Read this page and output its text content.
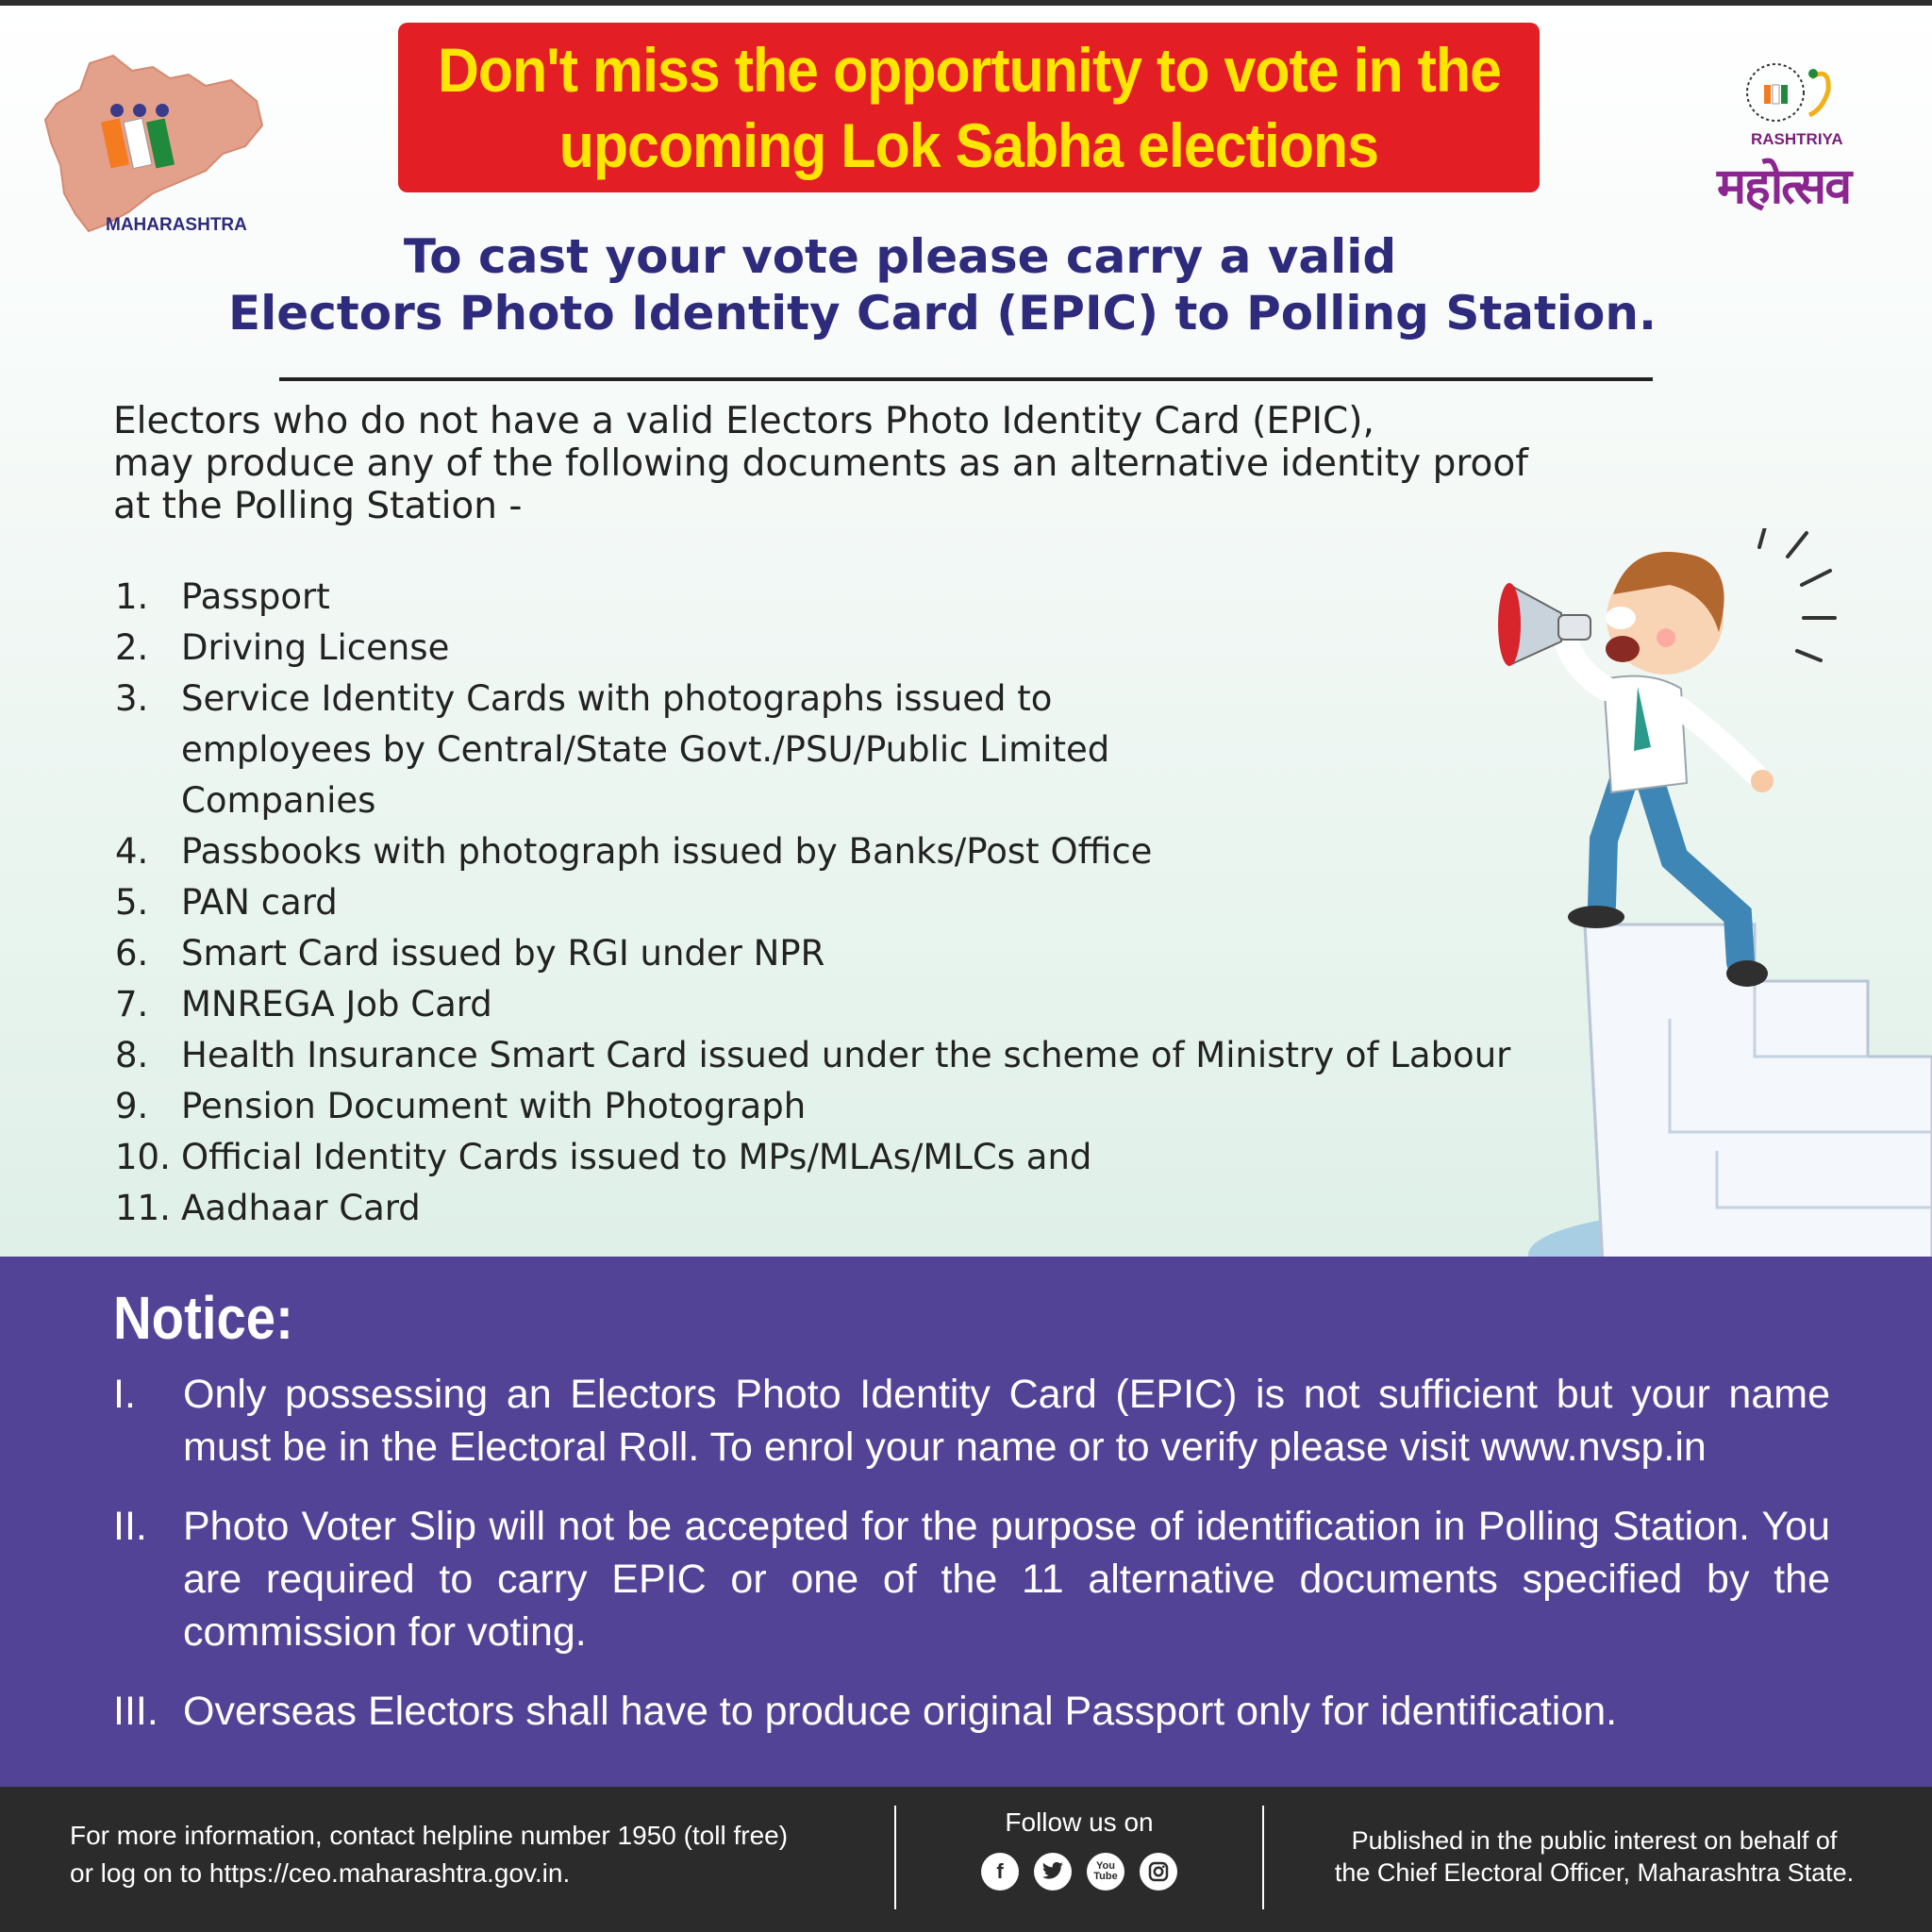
MAHARASHTRA
RASHTRIYA
महोत्सव
Don't miss the opportunity to vote in the
upcoming Lok Sabha elections
To cast your vote please carry a valid
Electors Photo Identity Card (EPIC) to Polling Station.
Electors who do not have a valid Electors Photo Identity Card (EPIC),
may produce any of the following documents as an alternative identity proof
at the Polling Station -
1. Passport
2. Driving License
3. Service Identity Cards with photographs issued to employees by Central/State Govt./PSU/Public Limited Companies
4. Passbooks with photograph issued by Banks/Post Office
5. PAN card
6. Smart Card issued by RGI under NPR
7. MNREGA Job Card
8. Health Insurance Smart Card issued under the scheme of Ministry of Labour
9. Pension Document with Photograph
10. Official Identity Cards issued to MPs/MLAs/MLCs and
11. Aadhaar Card
Notice:
I. Only possessing an Electors Photo Identity Card (EPIC) is not sufficient but your name must be in the Electoral Roll. To enrol your name or to verify please visit www.nvsp.in
II. Photo Voter Slip will not be accepted for the purpose of identification in Polling Station. You are required to carry EPIC or one of the 11 alternative documents specified by the commission for voting.
III. Overseas Electors shall have to produce original Passport only for identification.
For more information, contact helpline number 1950 (toll free)
or log on to https://ceo.maharashtra.gov.in.
Follow us on
f	You
Tube
Published in the public interest on behalf of
the Chief Electoral Officer, Maharashtra State.
